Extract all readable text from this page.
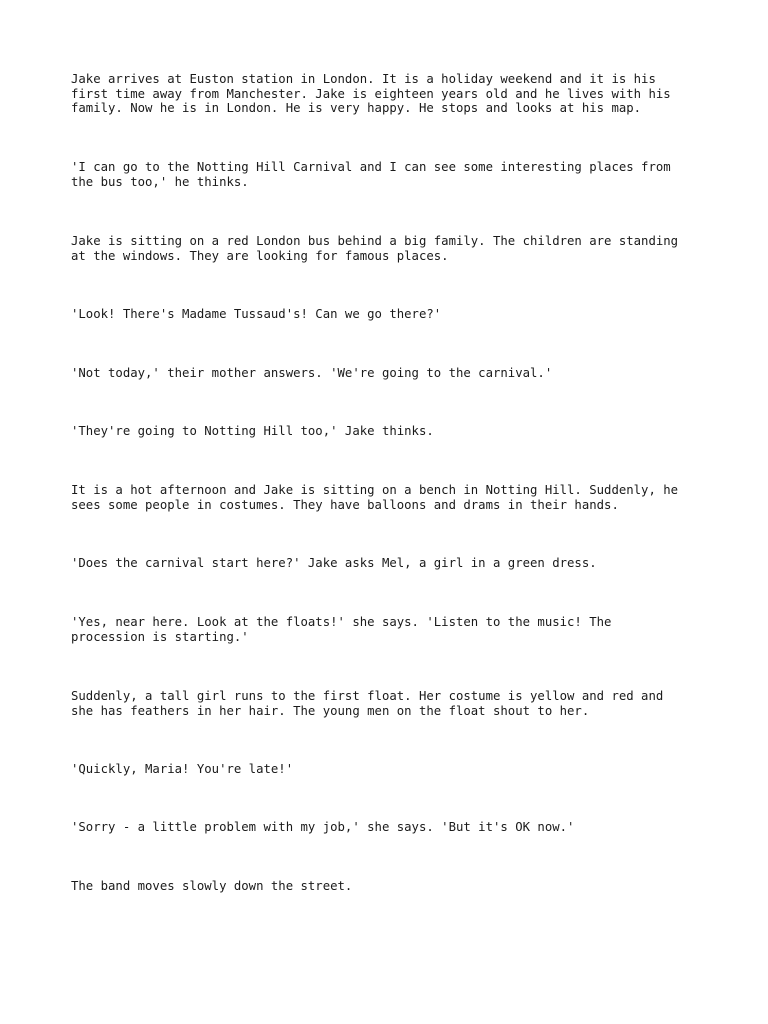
Jake arrives at Euston station in London. It is a holiday weekend and it is his
first time away from Manchester. Jake is eighteen years old and he lives with his
family. Now he is in London. He is very happy. He stops and looks at his map.

'I can go to the Notting Hill Carnival and I can see some interesting places from
the bus too,' he thinks.

Jake is sitting on a red London bus behind a big family. The children are standing
at the windows. They are looking for famous places.

'Look! There's Madame Tussaud's! Can we go there?'

'Not today,' their mother answers. 'We're going to the carnival.'

'They're going to Notting Hill too,' Jake thinks.

It is a hot afternoon and Jake is sitting on a bench in Notting Hill. Suddenly, he
sees some people in costumes. They have balloons and drams in their hands.

'Does the carnival start here?' Jake asks Mel, a girl in a green dress.

'Yes, near here. Look at the floats!' she says. 'Listen to the music! The
procession is starting.'

Suddenly, a tall girl runs to the first float. Her costume is yellow and red and
she has feathers in her hair. The young men on the float shout to her.

'Quickly, Maria! You're late!'

'Sorry - a little problem with my job,' she says. 'But it's OK now.'

The band moves slowly down the street.
